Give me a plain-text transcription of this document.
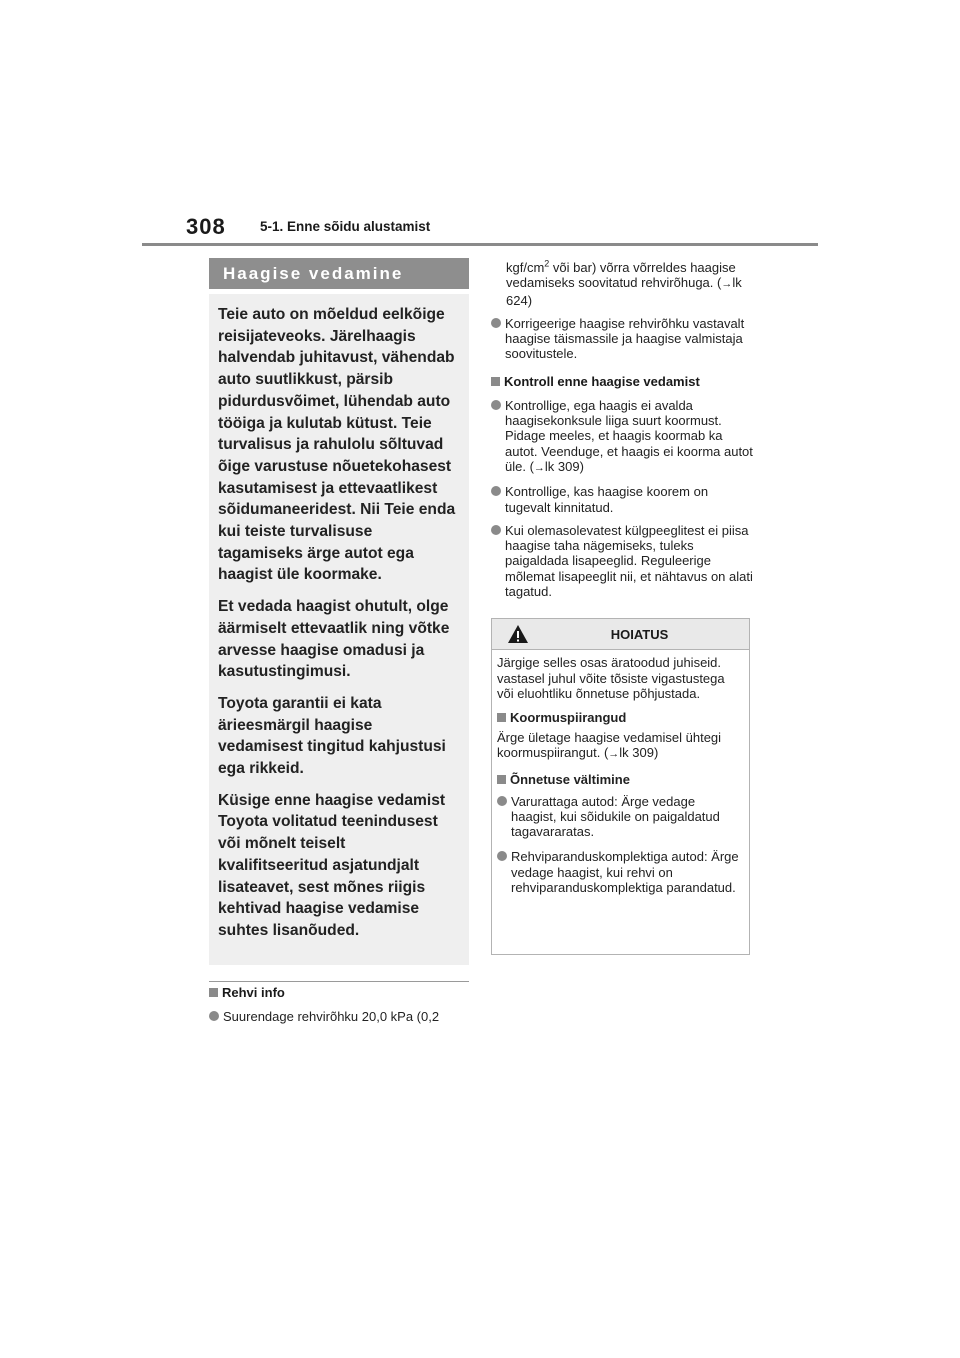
308	5-1. Enne sõidu alustamist
Haagise vedamine

Teie auto on mõeldud eelkõige reisijateveoks. Järelhaagis halvendab juhitavust, vähendab auto suutlikkust, pärsib pidurdusvõimet, lühendab auto tööiga ja kulutab kütust. Teie turvalisus ja rahulolu sõltuvad õige varustuse nõuetekohasest kasutamisest ja ettevaatlikest sõidumaneeridest. Nii Teie enda kui teiste turvalisuse tagamiseks ärge autot ega haagist üle koormake.

Et vedada haagist ohutult, olge äärmiselt ettevaatlik ning võtke arvesse haagise omadusi ja kasutustingimusi.

Toyota garantii ei kata ärieesmärgil haagise vedamisest tingitud kahjustusi ega rikkeid.

Küsige enne haagise vedamist Toyota volitatud teenindusest või mõnelt teiselt kvalifitseeritud asjatundjalt lisateavet, sest mõnes riigis kehtivad haagise vedamise suhtes lisanõuded.

Rehvi info
Suurendage rehvirõhku 20,0 kPa (0,2
kgf/$cm^2$ või bar) võrra võrreldes haagise vedamiseks soovitatud rehvirõhuga. (→lk 624)
Korrigeerige haagise rehvirõhku vastavalt haagise täismassile ja haagise valmistaja soovitustele.
Kontroll enne haagise vedamist
Kontrollige, ega haagis ei avalda haagisekonksule liiga suurt koormust. Pidage meeles, et haagis koormab ka autot. Veenduge, et haagis ei koorma autot üle. (→lk 309)
Kontrollige, kas haagise koorem on tugevalt kinnitatud.
Kui olemasolevatest külgpeeglitest ei piisa haagise taha nägemiseks, tuleks paigaldada lisapeeglid. Reguleerige mõlemat lisapeeglit nii, et nähtavus on alati tagatud.
HOIATUS
Järgige selles osas äratoodud juhiseid. vastasel juhul võite tõsiste vigastustega või eluohtliku õnnetuse põhjustada.
Koormuspiirangud
Ärge ületage haagise vedamisel ühtegi koormuspiirangut. (→lk 309)
Õnnetuse vältimine
Varurattaga autod: Ärge vedage haagist, kui sõidukile on paigaldatud tagavararatas.
Rehviparanduskomplektiga autod: Ärge vedage haagist, kui rehvi on rehviparanduskomplektiga parandatud.
